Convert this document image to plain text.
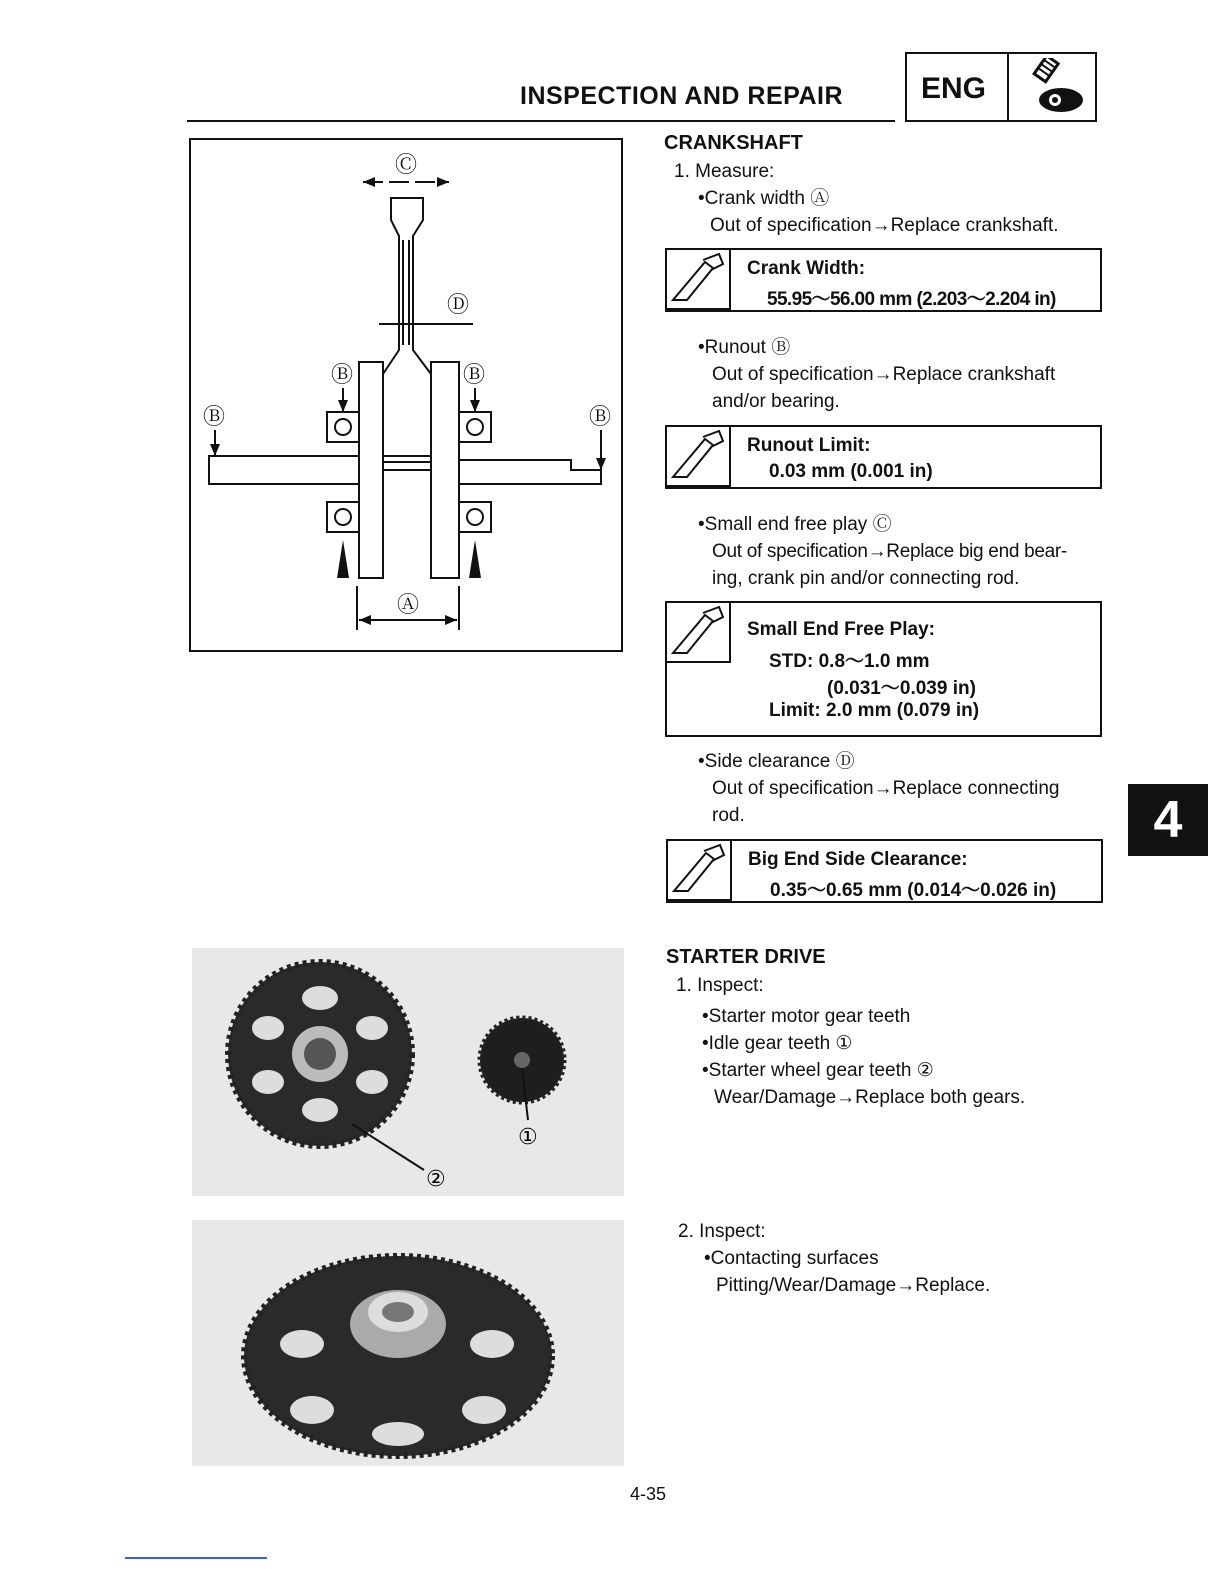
INSPECTION AND REPAIR	ENG
Ⓒ
Ⓓ
Ⓑ
Ⓑ	Ⓑ
Ⓑ
Ⓐ
①
②
CRANKSHAFT
1. Measure:
•Crank width Ⓐ
Out of specification→Replace crankshaft.
Crank Width:
55.95～56.00 mm (2.203～2.204 in)
•Runout Ⓑ
Out of specification→Replace crankshaft
and/or bearing.
Runout Limit:
0.03 mm (0.001 in)
•Small end free play Ⓒ
Out of specification→Replace big end bear-
ing, crank pin and/or connecting rod.
Small End Free Play:
STD: 0.8～1.0 mm
(0.031～0.039 in)
Limit: 2.0 mm (0.079 in)
•Side clearance Ⓓ
Out of specification→Replace connecting
rod.
Big End Side Clearance:
0.35～0.65 mm (0.014～0.026 in)
STARTER DRIVE
1. Inspect:
•Starter motor gear teeth
•Idle gear teeth ①
•Starter wheel gear teeth ②
Wear/Damage→Replace both gears.
2. Inspect:
•Contacting surfaces
Pitting/Wear/Damage→Replace.
4
4-35
